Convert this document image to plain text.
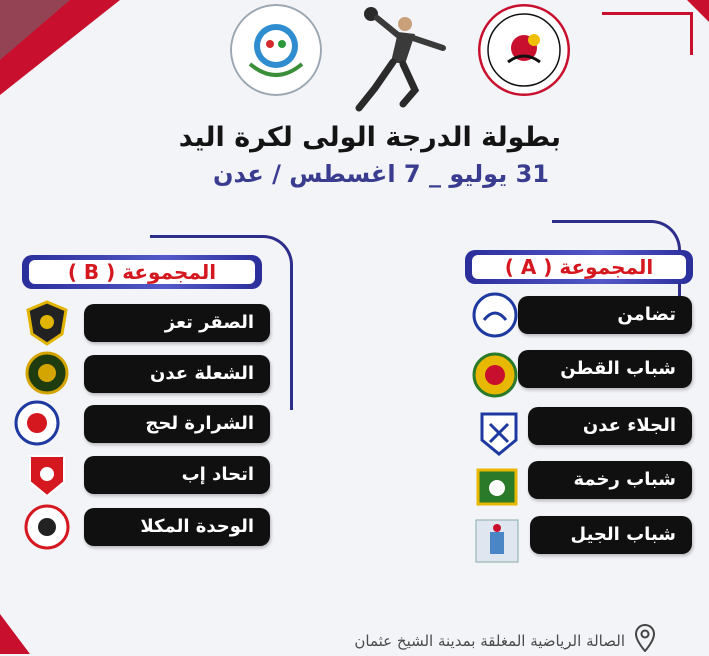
بطولة الدرجة الولى لكرة اليد
31 يوليو _ 7 اغسطس / عدن
المجموعة ( B )	المجموعة ( A )
الصقر تعز
الشعلة عدن
الشرارة لحج
اتحاد إب
الوحدة المكلا
تضامن
شباب القطن
الجلاء عدن
شباب رخمة
شباب الجيل
الصالة الرياضية المغلقة بمدينة الشيخ عثمان
